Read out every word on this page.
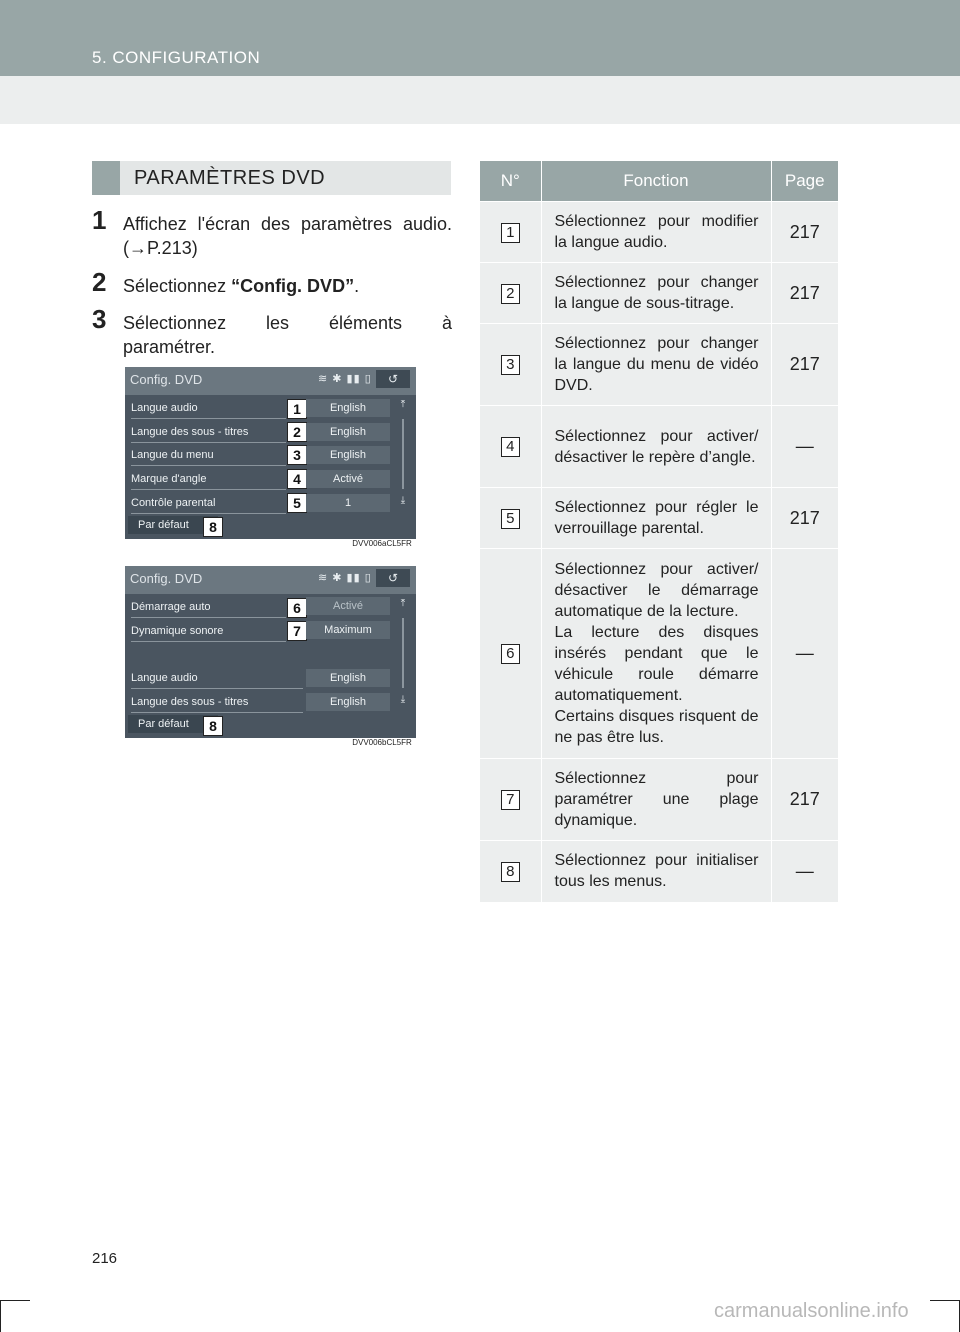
5. CONFIGURATION
PARAMÈTRES DVD
1 Affichez l'écran des paramètres audio.
(→P.213)
2 Sélectionnez “Config. DVD”.
3 Sélectionnez les éléments à
paramétrer.
Config. DVD	≋ ✱ ▮▮ ▯	↺
Langue audio	1	English
Langue des sous - titres	2	English
Langue du menu	3	English
Marque d'angle	4	Activé
Contrôle parental	5	1
⤒
⤓
Par défaut	8
DVV006aCL5FR
Config. DVD	≋ ✱ ▮▮ ▯	↺
Démarrage auto	6	Activé
Dynamique sonore	7	Maximum
Langue audio	English
Langue des sous - titres	English
⤒
⤓
Par défaut	8
DVV006bCL5FR
N°	Fonction	Page
1	Sélectionnez pour modifier la langue audio.	217
2	Sélectionnez pour changer la langue de sous-titrage.	217
3	Sélectionnez pour changer la langue du menu de vidéo DVD.	217
4	Sélectionnez pour activer/ désactiver le repère d’angle.	—
5	Sélectionnez pour régler le verrouillage parental.	217
6	Sélectionnez pour activer/ désactiver le démarrage automatique de la lecture.
La lecture des disques insérés pendant que le véhicule roule démarre automatiquement.
Certains disques risquent de ne pas être lus.	—
7	Sélectionnez pour paramétrer une plage dynamique.	217
8	Sélectionnez pour initialiser tous les menus.	—
216
carmanualsonline.info
